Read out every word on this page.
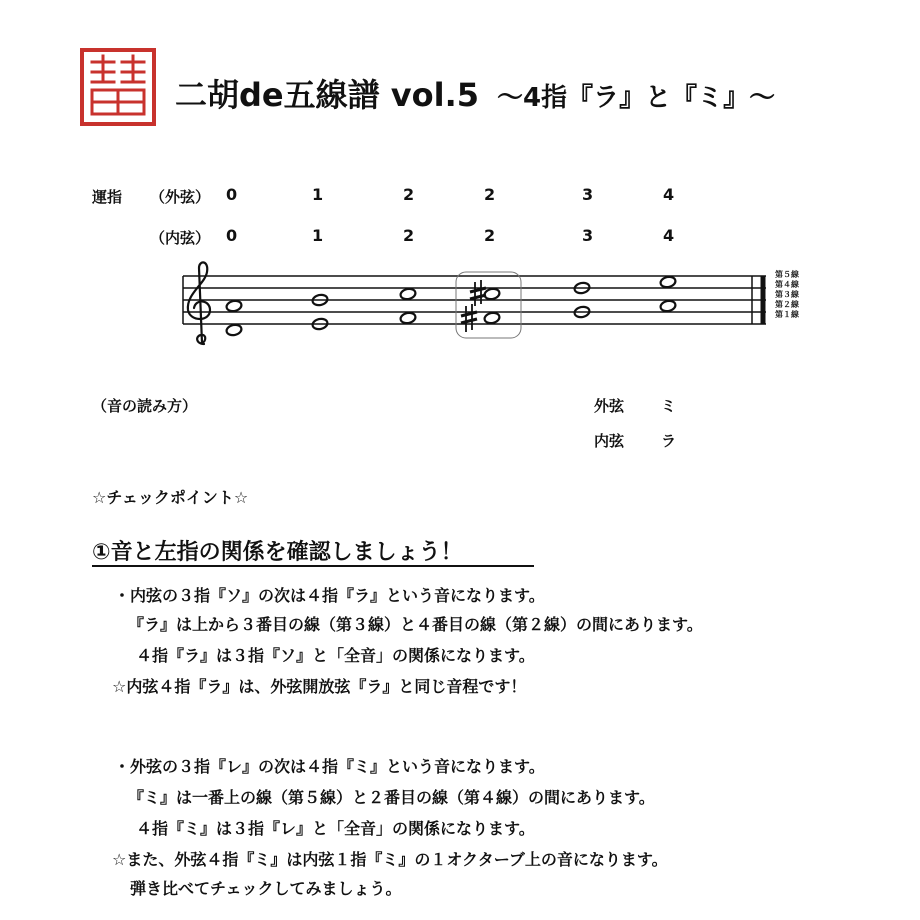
二胡de五線譜 vol.5 ～4指『ラ』と『ミ』～
運指 （外弦）
（内弦）
0	1	2	2	3	4
0	1	2	2	3	4
第５線
第４線
第３線
第２線
第１線
（音の読み方）	外弦 ミ
内弦 ラ
☆チェックポイント☆
①音と左指の関係を確認しましょう！
・内弦の３指『ソ』の次は４指『ラ』という音になります。
『ラ』は上から３番目の線（第３線）と４番目の線（第２線）の間にあります。
４指『ラ』は３指『ソ』と「全音」の関係になります。
☆内弦４指『ラ』は、外弦開放弦『ラ』と同じ音程です！
・外弦の３指『レ』の次は４指『ミ』という音になります。
『ミ』は一番上の線（第５線）と２番目の線（第４線）の間にあります。
４指『ミ』は３指『レ』と「全音」の関係になります。
☆また、外弦４指『ミ』は内弦１指『ミ』の１オクターブ上の音になります。
弾き比べてチェックしてみましょう。
